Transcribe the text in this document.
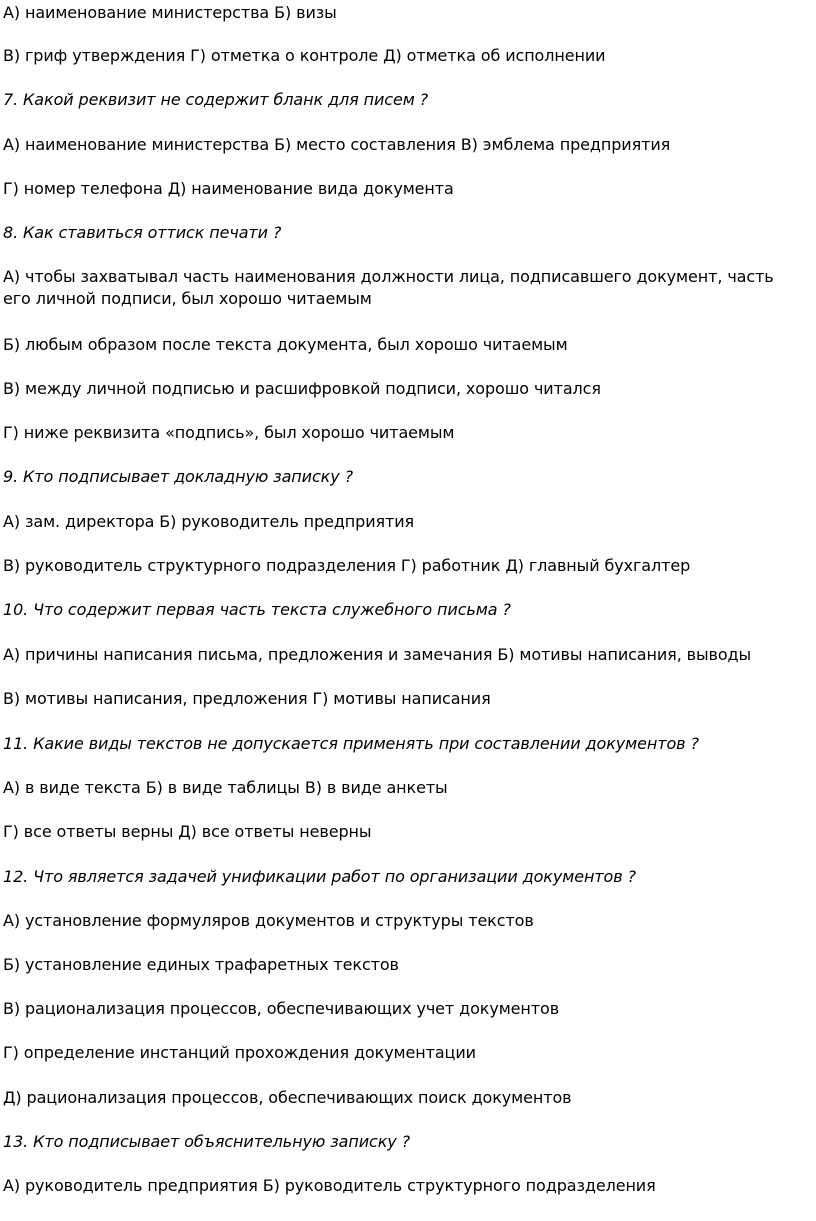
А) наименование министерства Б) визы
В) гриф утверждения Г) отметка о контроле Д) отметка об исполнении
7. Какой реквизит не содержит бланк для писем ?
А) наименование министерства Б) место составления В) эмблема предприятия
Г) номер телефона Д) наименование вида документа
8. Как ставиться оттиск печати ?
А) чтобы захватывал часть наименования должности лица, подписавшего документ, часть его личной подписи, был хорошо читаемым
Б) любым образом после текста документа, был хорошо читаемым
В) между личной подписью и расшифровкой подписи, хорошо читался
Г) ниже реквизита «подпись», был хорошо читаемым
9. Кто подписывает докладную записку ?
А) зам. директора Б) руководитель предприятия
В) руководитель структурного подразделения Г) работник Д) главный бухгалтер
10. Что содержит первая часть текста служебного письма ?
А) причины написания письма, предложения и замечания Б) мотивы написания, выводы
В) мотивы написания, предложения Г) мотивы написания
11. Какие виды текстов не допускается применять при составлении документов ?
А) в виде текста Б) в виде таблицы В) в виде анкеты
Г) все ответы верны Д) все ответы неверны
12. Что является задачей унификации работ по организации документов ?
А) установление формуляров документов и структуры текстов
Б) установление единых трафаретных текстов
В) рационализация процессов, обеспечивающих учет документов
Г) определение инстанций прохождения документации
Д) рационализация процессов, обеспечивающих поиск документов
13. Кто подписывает объяснительную записку ?
А) руководитель предприятия Б) руководитель структурного подразделения
